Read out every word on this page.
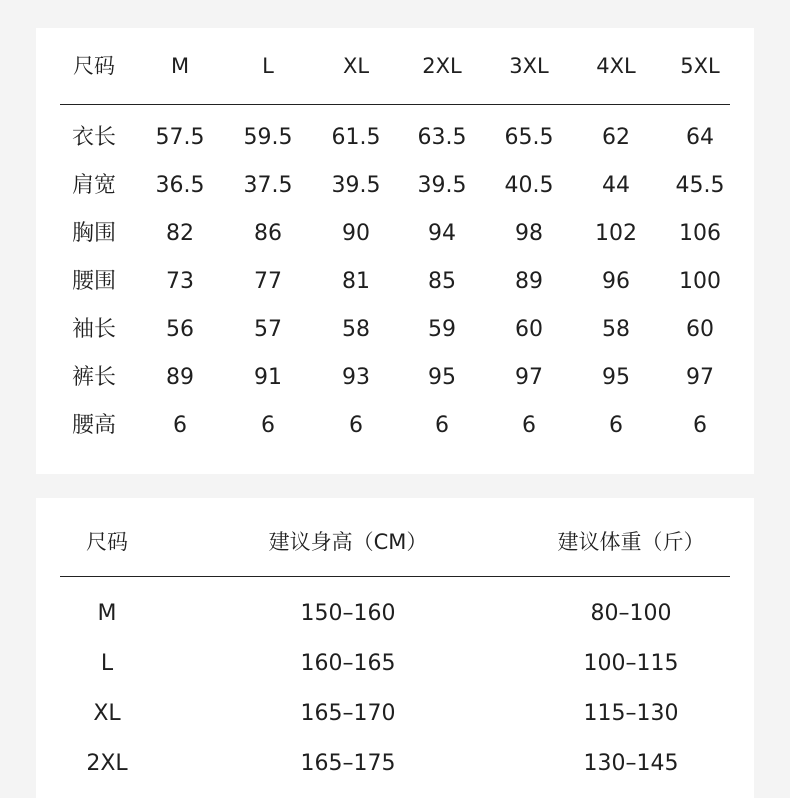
尺码	M	L	XL	2XL	3XL	4XL	5XL
衣长	57.5	59.5	61.5	63.5	65.5	62	64
肩宽	36.5	37.5	39.5	39.5	40.5	44	45.5
胸围	82	86	90	94	98	102	106
腰围	73	77	81	85	89	96	100
袖长	56	57	58	59	60	58	60
裤长	89	91	93	95	97	95	97
腰高	6	6	6	6	6	6	6
尺码	建议身高（CM）	建议体重（斤）
M	150–160	80–100
L	160–165	100–115
XL	165–170	115–130
2XL	165–175	130–145
